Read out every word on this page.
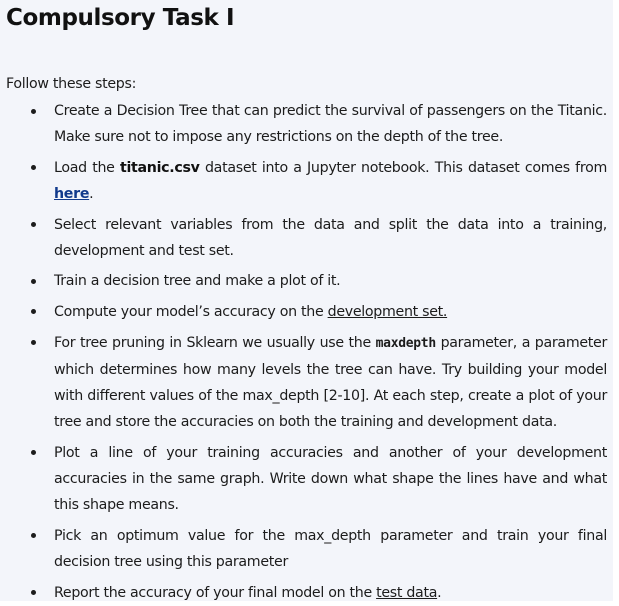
Compulsory Task I

Follow these steps:

Create a Decision Tree that can predict the survival of passengers on the Titanic. Make sure not to impose any restrictions on the depth of the tree.
Load the titanic.csv dataset into a Jupyter notebook. This dataset comes from here.
Select relevant variables from the data and split the data into a training, development and test set.
Train a decision tree and make a plot of it.
Compute your model’s accuracy on the development set.
For tree pruning in Sklearn we usually use the maxdepth parameter, a parameter which determines how many levels the tree can have. Try building your model with different values of the max_depth [2-10]. At each step, create a plot of your tree and store the accuracies on both the training and development data.
Plot a line of your training accuracies and another of your development accuracies in the same graph. Write down what shape the lines have and what this shape means.
Pick an optimum value for the max_depth parameter and train your final decision tree using this parameter
Report the accuracy of your final model on the test data.
